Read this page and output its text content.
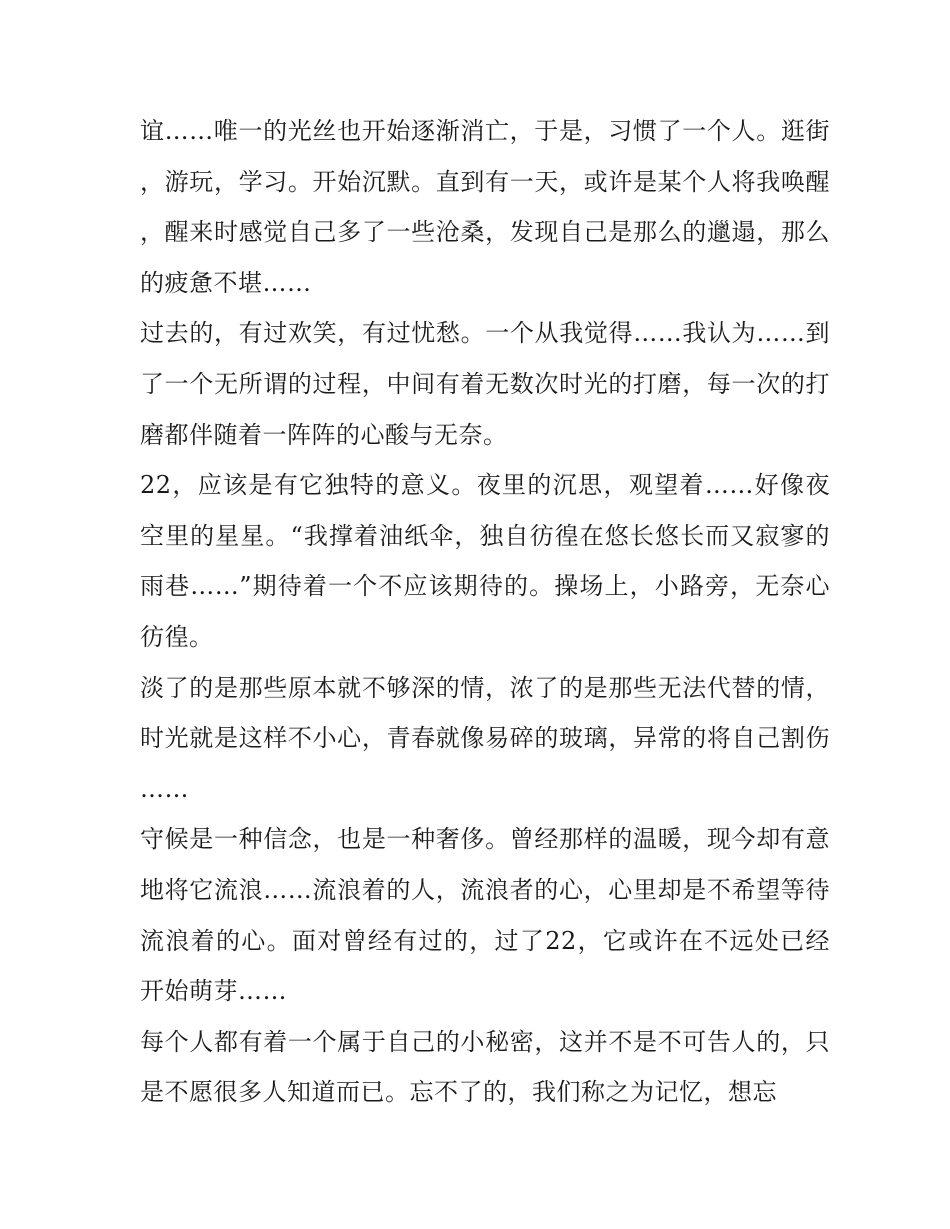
谊……唯一的光丝也开始逐渐消亡，于是，习惯了一个人。逛街，游玩，学习。开始沉默。直到有一天，或许是某个人将我唤醒，醒来时感觉自己多了一些沧桑，发现自己是那么的邋遢，那么的疲惫不堪……

过去的，有过欢笑，有过忧愁。一个从我觉得……我认为……到了一个无所谓的过程，中间有着无数次时光的打磨，每一次的打磨都伴随着一阵阵的心酸与无奈。

22，应该是有它独特的意义。夜里的沉思，观望着……好像夜空里的星星。“我撑着油纸伞，独自彷徨在悠长悠长而又寂寥的雨巷……”期待着一个不应该期待的。操场上，小路旁，无奈心彷徨。

淡了的是那些原本就不够深的情，浓了的是那些无法代替的情，时光就是这样不小心，青春就像易碎的玻璃，异常的将自己割伤……

守候是一种信念，也是一种奢侈。曾经那样的温暖，现今却有意地将它流浪……流浪着的人，流浪者的心，心里却是不希望等待流浪着的心。面对曾经有过的，过了22，它或许在不远处已经开始萌芽……

每个人都有着一个属于自己的小秘密，这并不是不可告人的，只是不愿很多人知道而已。忘不了的，我们称之为记忆，想忘
